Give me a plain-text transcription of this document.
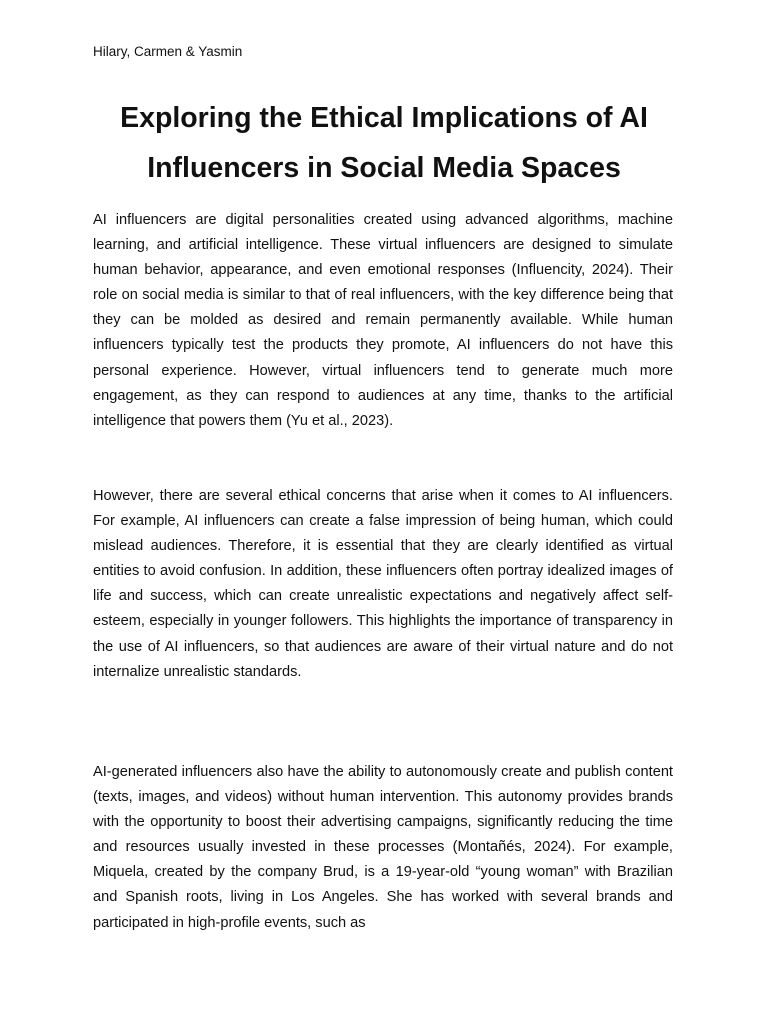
Hilary, Carmen & Yasmin

Exploring the Ethical Implications of AI Influencers in Social Media Spaces

AI influencers are digital personalities created using advanced algorithms, machine learning, and artificial intelligence. These virtual influencers are designed to simulate human behavior, appearance, and even emotional responses (Influencity, 2024). Their role on social media is similar to that of real influencers, with the key difference being that they can be molded as desired and remain permanently available. While human influencers typically test the products they promote, AI influencers do not have this personal experience. However, virtual influencers tend to generate much more engagement, as they can respond to audiences at any time, thanks to the artificial intelligence that powers them (Yu et al., 2023).

However, there are several ethical concerns that arise when it comes to AI influencers. For example, AI influencers can create a false impression of being human, which could mislead audiences. Therefore, it is essential that they are clearly identified as virtual entities to avoid confusion. In addition, these influencers often portray idealized images of life and success, which can create unrealistic expectations and negatively affect self-esteem, especially in younger followers. This highlights the importance of transparency in the use of AI influencers, so that audiences are aware of their virtual nature and do not internalize unrealistic standards.

AI-generated influencers also have the ability to autonomously create and publish content (texts, images, and videos) without human intervention. This autonomy provides brands with the opportunity to boost their advertising campaigns, significantly reducing the time and resources usually invested in these processes (Montañés, 2024). For example, Miquela, created by the company Brud, is a 19-year-old “young woman” with Brazilian and Spanish roots, living in Los Angeles. She has worked with several brands and participated in high-profile events, such as
